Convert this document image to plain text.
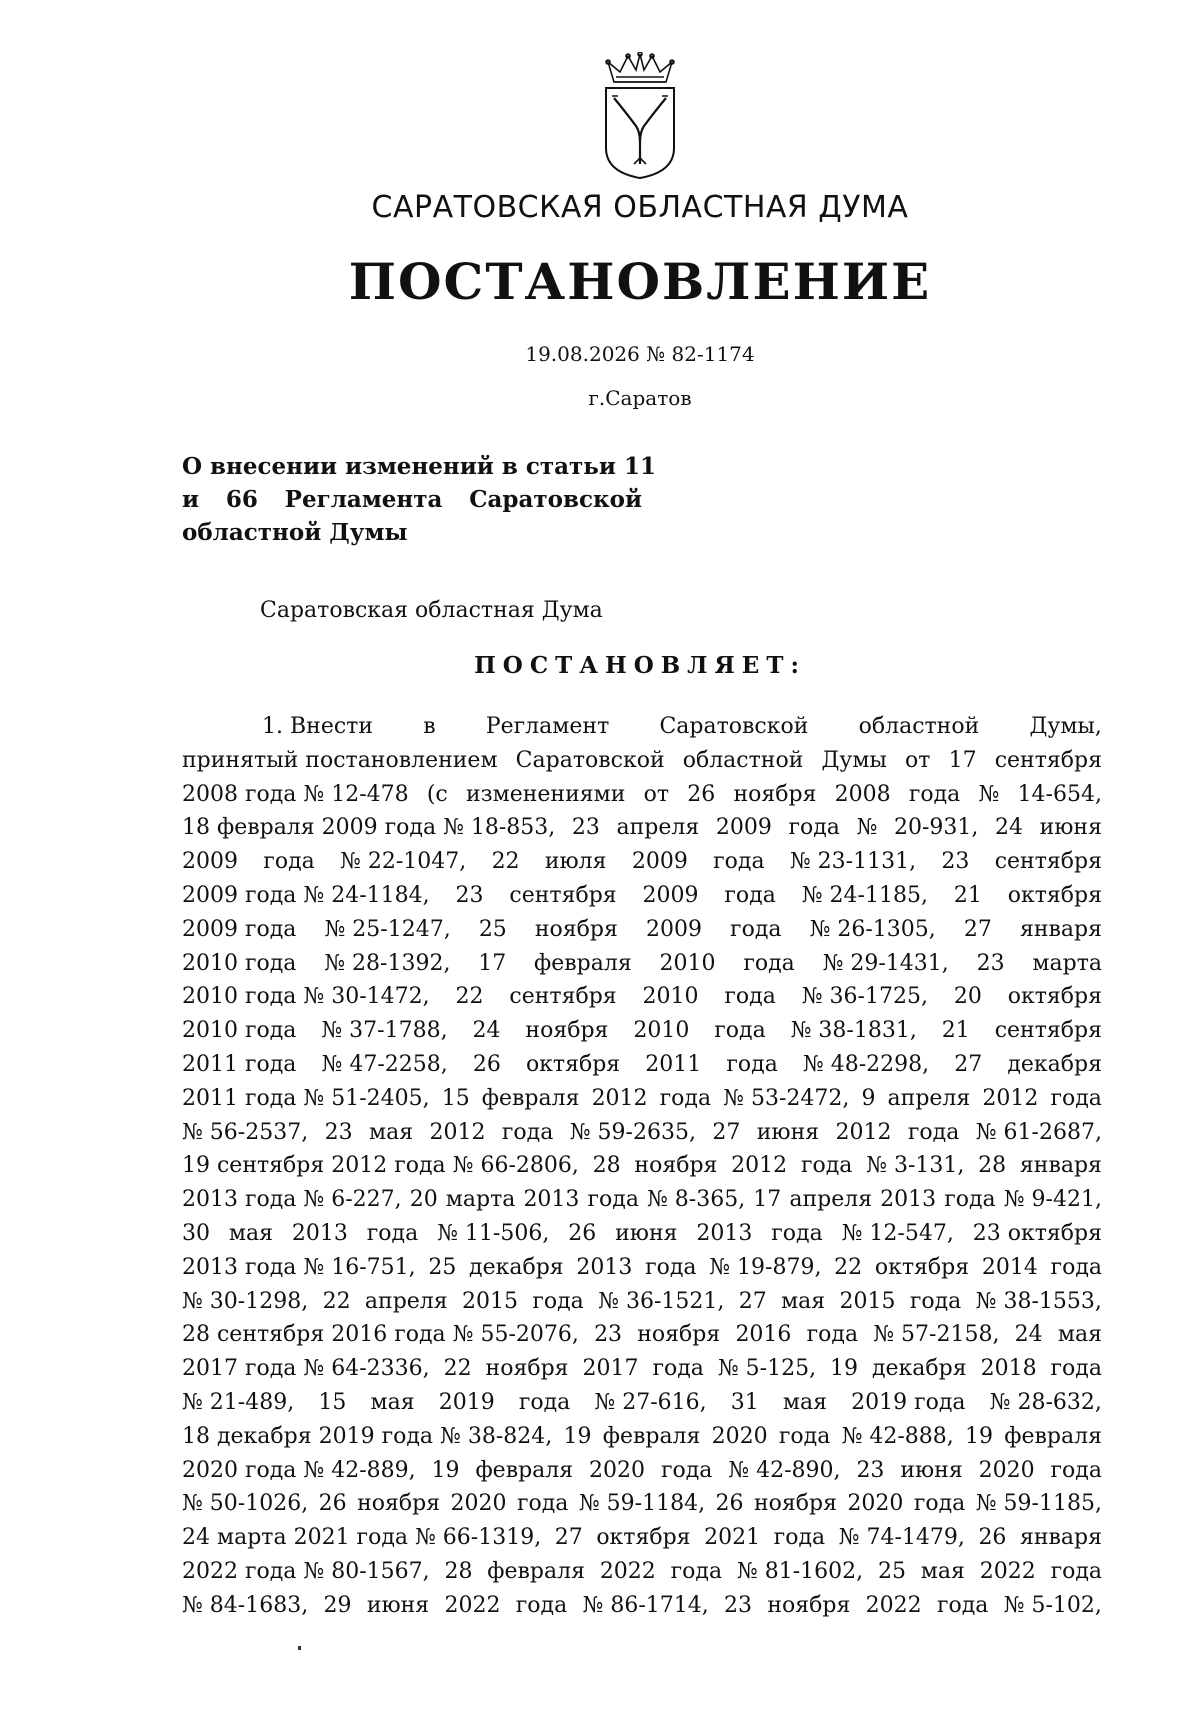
САРАТОВСКАЯ ОБЛАСТНАЯ ДУМА
ПОСТАНОВЛЕНИЕ
19.08.2026 № 82-1174
г.Саратов
О внесении изменений в статьи 11
и 66 Регламента Саратовской
областной Думы
Саратовская областная Дума
ПОСТАНОВЛЯЕТ:
1. Внести в Регламент Саратовской областной Думы,
принятый постановлением Саратовской областной Думы от 17 сентября
2008 года № 12-478 (с изменениями от 26 ноября 2008 года № 14-654,
18 февраля 2009 года № 18-853, 23 апреля 2009 года № 20-931, 24 июня
2009 года № 22-1047, 22 июля 2009 года № 23-1131, 23 сентября
2009 года № 24-1184, 23 сентября 2009 года № 24-1185, 21 октября
2009 года № 25-1247, 25 ноября 2009 года № 26-1305, 27 января
2010 года № 28-1392, 17 февраля 2010 года № 29-1431, 23 марта
2010 года № 30-1472, 22 сентября 2010 года № 36-1725, 20 октября
2010 года № 37-1788, 24 ноября 2010 года № 38-1831, 21 сентября
2011 года № 47-2258, 26 октября 2011 года № 48-2298, 27 декабря
2011 года № 51-2405, 15 февраля 2012 года № 53-2472, 9 апреля 2012 года
№ 56-2537, 23 мая 2012 года № 59-2635, 27 июня 2012 года № 61-2687,
19 сентября 2012 года № 66-2806, 28 ноября 2012 года № 3-131, 28 января
2013 года № 6-227, 20 марта 2013 года № 8-365, 17 апреля 2013 года № 9-421,
30 мая 2013 года № 11-506, 26 июня 2013 года № 12-547, 23 октября
2013 года № 16-751, 25 декабря 2013 года № 19-879, 22 октября 2014 года
№ 30-1298, 22 апреля 2015 года № 36-1521, 27 мая 2015 года № 38-1553,
28 сентября 2016 года № 55-2076, 23 ноября 2016 года № 57-2158, 24 мая
2017 года № 64-2336, 22 ноября 2017 года № 5-125, 19 декабря 2018 года
№ 21-489, 15 мая 2019 года № 27-616, 31 мая 2019 года № 28-632,
18 декабря 2019 года № 38-824, 19 февраля 2020 года № 42-888, 19 февраля
2020 года № 42-889, 19 февраля 2020 года № 42-890, 23 июня 2020 года
№ 50-1026, 26 ноября 2020 года № 59-1184, 26 ноября 2020 года № 59-1185,
24 марта 2021 года № 66-1319, 27 октября 2021 года № 74-1479, 26 января
2022 года № 80-1567, 28 февраля 2022 года № 81-1602, 25 мая 2022 года
№ 84-1683, 29 июня 2022 года № 86-1714, 23 ноября 2022 года № 5-102,
